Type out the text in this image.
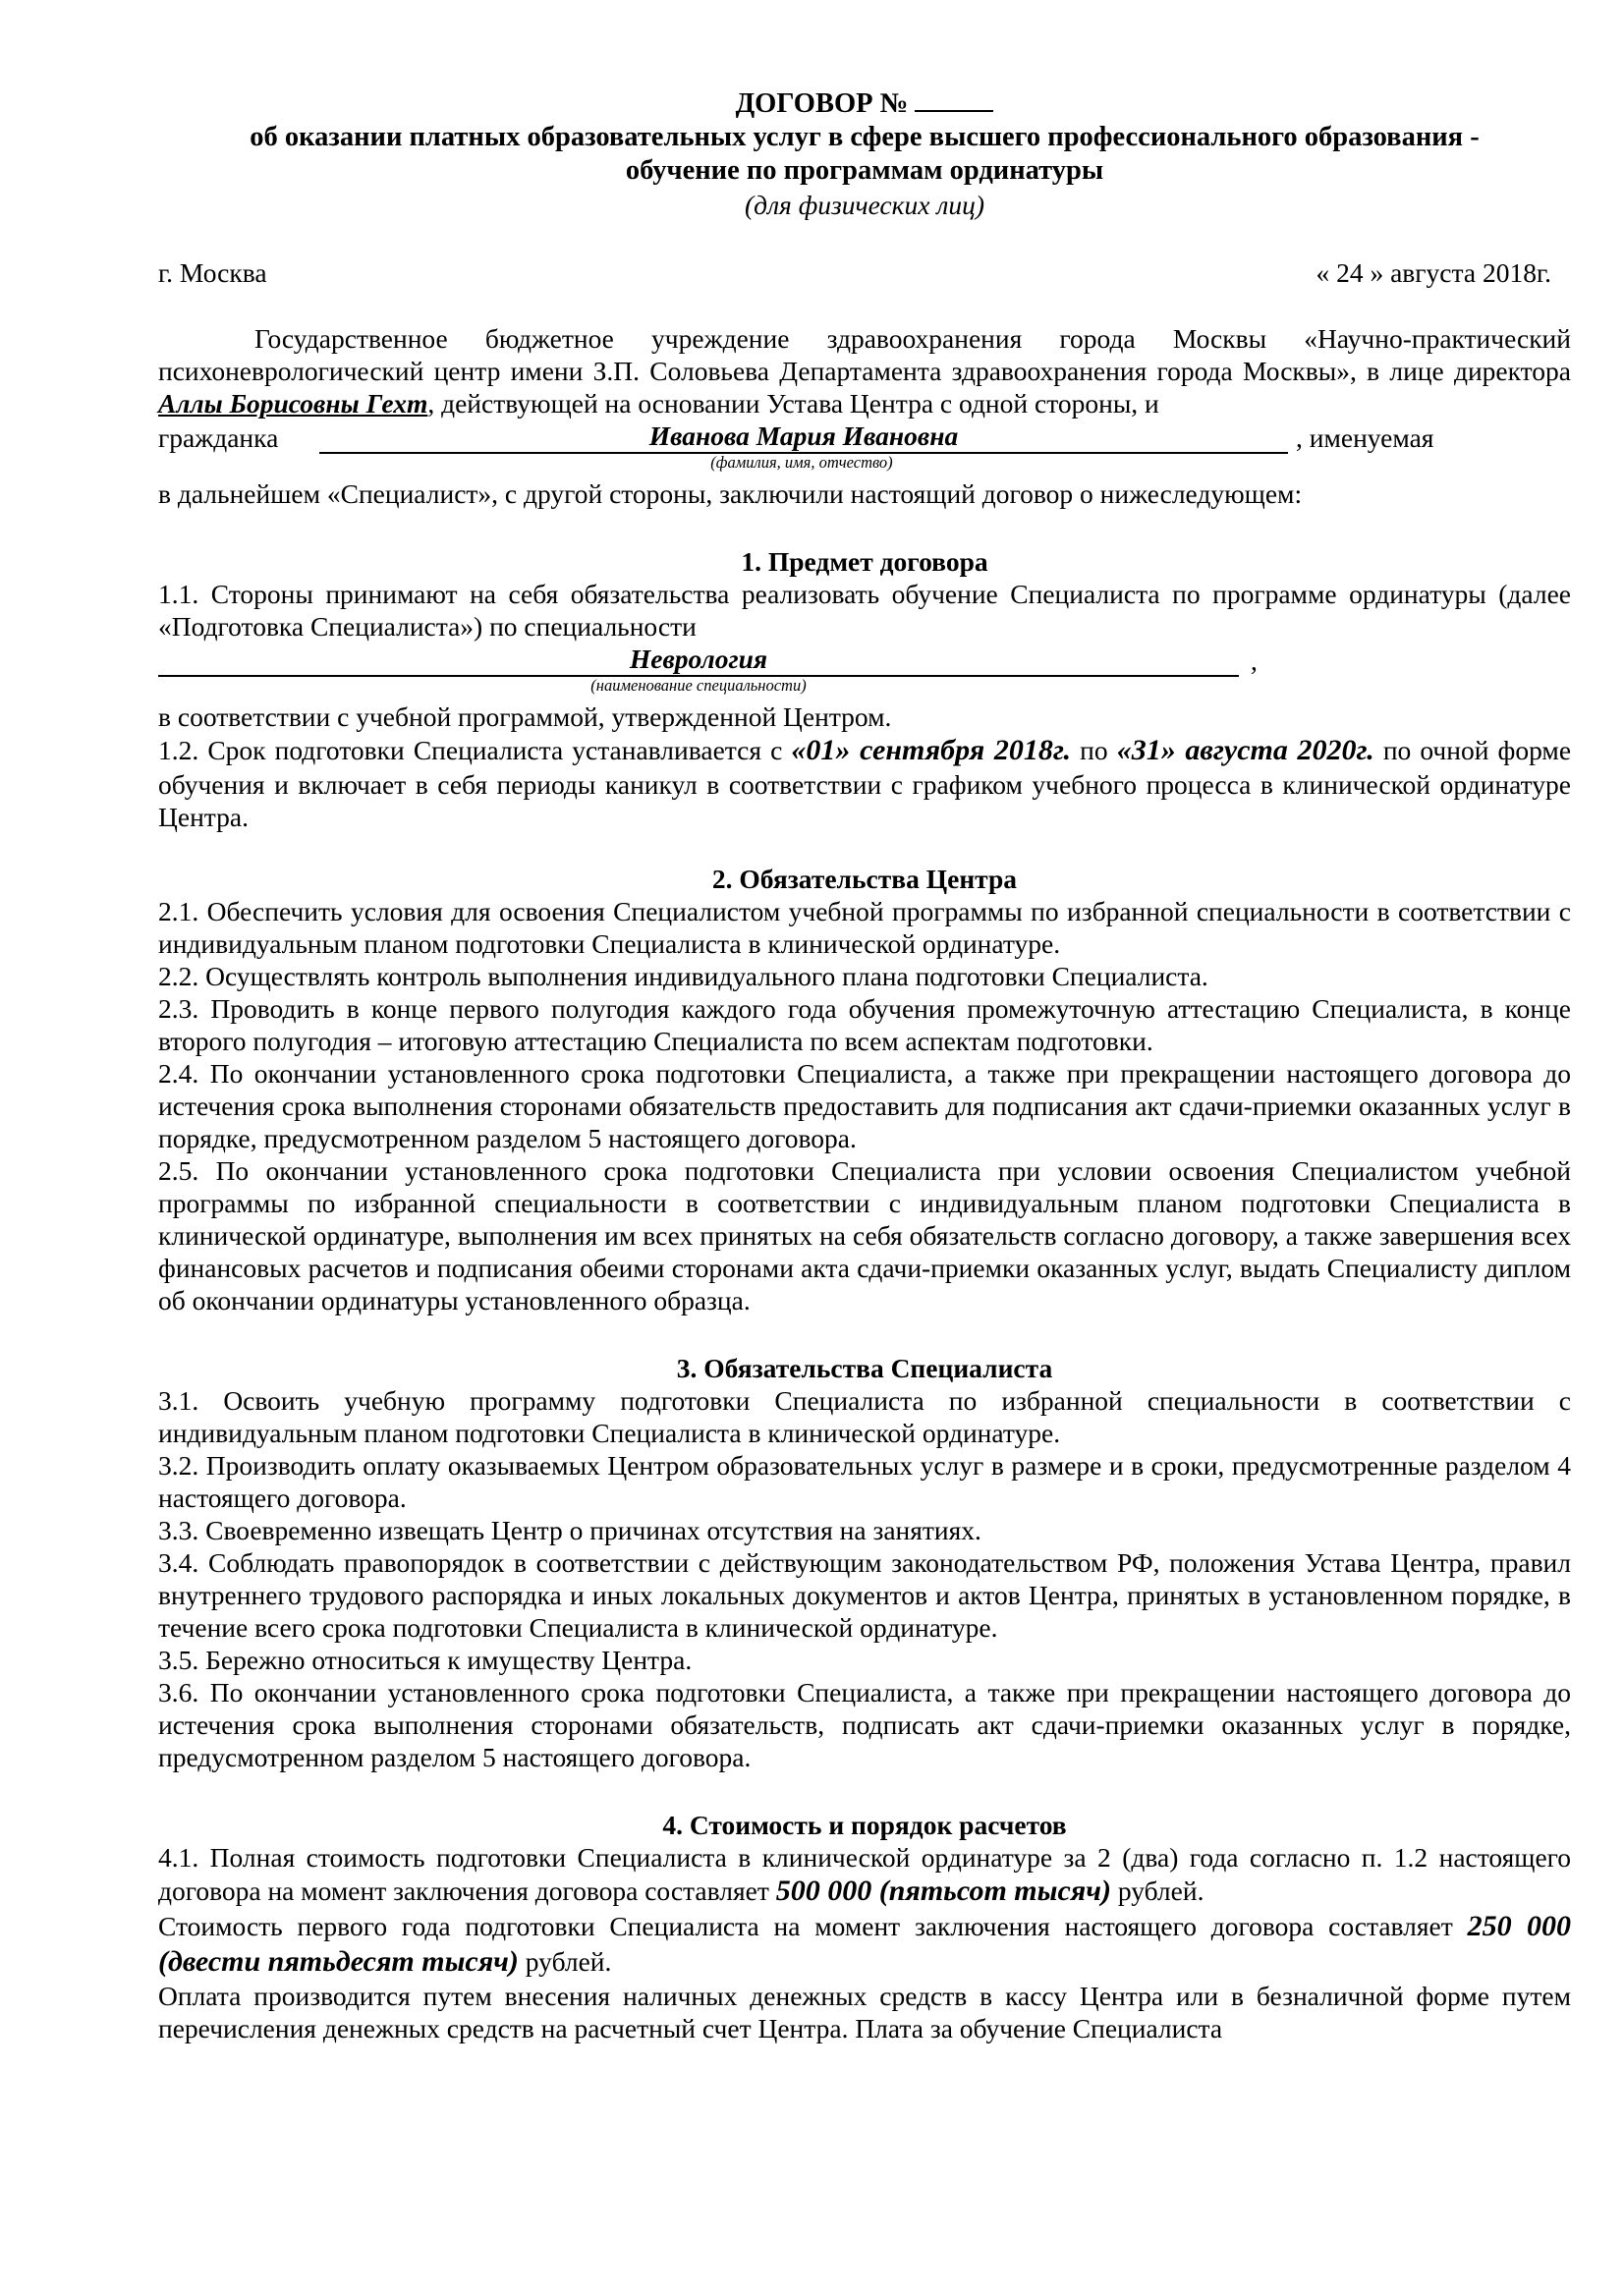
ДОГОВОР №
об оказании платных образовательных услуг в сфере высшего профессионального образования -
обучение по программам ординатуры
(для физических лиц)
г. Москва	« 24 » августа 2018г.

Государственное бюджетное учреждение здравоохранения города Москвы «Научно-практический психоневрологический центр имени З.П. Соловьева Департамента здравоохранения города Москвы», в лице директора Аллы Борисовны Гехт, действующей на основании Устава Центра с одной стороны, и

гражданка	Иванова Мария Ивановна	, именуемая
(фамилия, имя, отчество)

в дальнейшем «Специалист», с другой стороны, заключили настоящий договор о нижеследующем:

1. Предмет договора

1.1. Стороны принимают на себя обязательства реализовать обучение Специалиста по программе ординатуры (далее «Подготовка Специалиста») по специальности

Неврология	,
(наименование специальности)

в соответствии с учебной программой, утвержденной Центром.

1.2. Срок подготовки Специалиста устанавливается с «01» сентября 2018г. по «31» августа 2020г. по очной форме обучения и включает в себя периоды каникул в соответствии с графиком учебного процесса в клинической ординатуре Центра.

2. Обязательства Центра

2.1. Обеспечить условия для освоения Специалистом учебной программы по избранной специальности в соответствии с индивидуальным планом подготовки Специалиста в клинической ординатуре.

2.2. Осуществлять контроль выполнения индивидуального плана подготовки Специалиста.

2.3. Проводить в конце первого полугодия каждого года обучения промежуточную аттестацию Специалиста, в конце второго полугодия – итоговую аттестацию Специалиста по всем аспектам подготовки.

2.4. По окончании установленного срока подготовки Специалиста, а также при прекращении настоящего договора до истечения срока выполнения сторонами обязательств предоставить для подписания акт сдачи-приемки оказанных услуг в порядке, предусмотренном разделом 5 настоящего договора.

2.5. По окончании установленного срока подготовки Специалиста при условии освоения Специалистом учебной программы по избранной специальности в соответствии с индивидуальным планом подготовки Специалиста в клинической ординатуре, выполнения им всех принятых на себя обязательств согласно договору, а также завершения всех финансовых расчетов и подписания обеими сторонами акта сдачи-приемки оказанных услуг, выдать Специалисту диплом об окончании ординатуры установленного образца.

3. Обязательства Специалиста

3.1. Освоить учебную программу подготовки Специалиста по избранной специальности в соответствии с индивидуальным планом подготовки Специалиста в клинической ординатуре.

3.2. Производить оплату оказываемых Центром образовательных услуг в размере и в сроки, предусмотренные разделом 4 настоящего договора.

3.3. Своевременно извещать Центр о причинах отсутствия на занятиях.

3.4. Соблюдать правопорядок в соответствии с действующим законодательством РФ, положения Устава Центра, правил внутреннего трудового распорядка и иных локальных документов и актов Центра, принятых в установленном порядке, в течение всего срока подготовки Специалиста в клинической ординатуре.

3.5. Бережно относиться к имуществу Центра.

3.6. По окончании установленного срока подготовки Специалиста, а также при прекращении настоящего договора до истечения срока выполнения сторонами обязательств, подписать акт сдачи-приемки оказанных услуг в порядке, предусмотренном разделом 5 настоящего договора.

4. Стоимость и порядок расчетов

4.1. Полная стоимость подготовки Специалиста в клинической ординатуре за 2 (два) года согласно п. 1.2 настоящего договора на момент заключения договора составляет 500 000 (пятьсот тысяч) рублей.

Стоимость первого года подготовки Специалиста на момент заключения настоящего договора составляет 250 000 (двести пятьдесят тысяч) рублей.

Оплата производится путем внесения наличных денежных средств в кассу Центра или в безналичной форме путем перечисления денежных средств на расчетный счет Центра. Плата за обучение Специалиста
